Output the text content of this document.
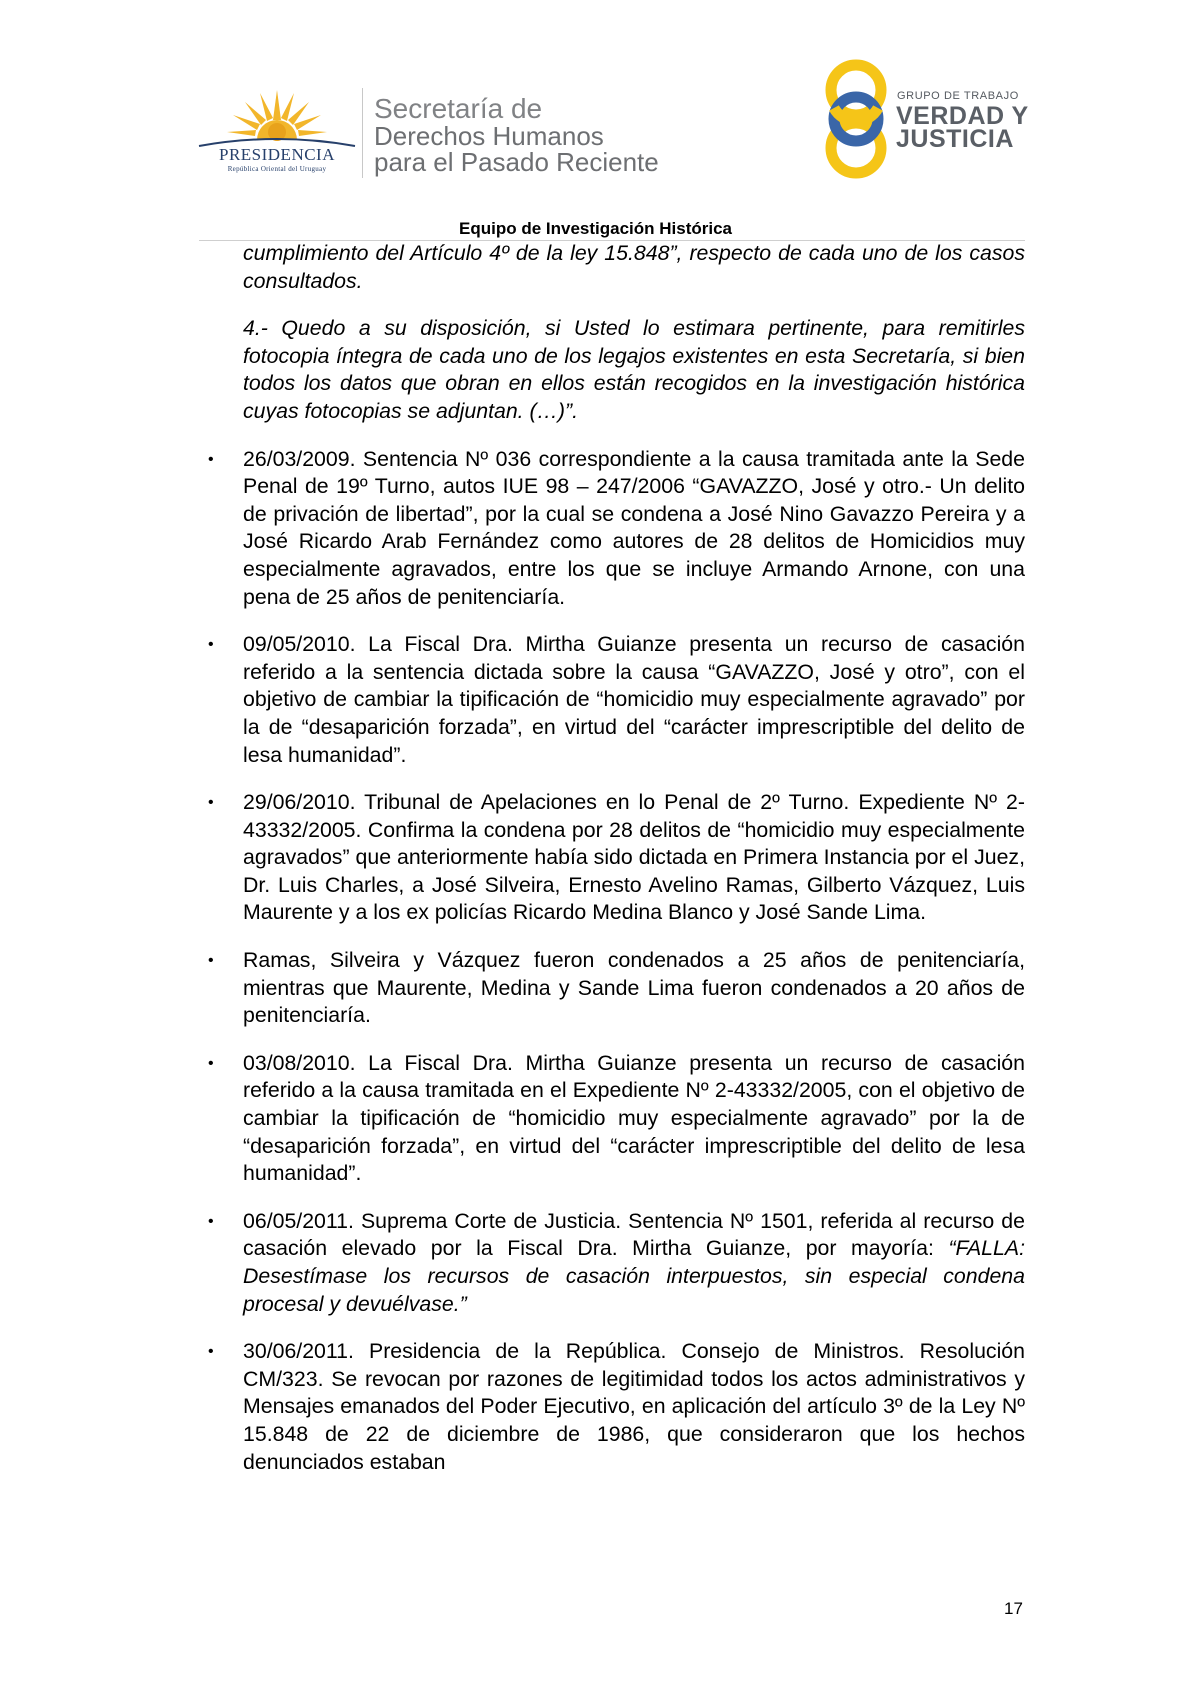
PRESIDENCIA
República Oriental del Uruguay
Secretaría de
Derechos Humanos
para el Pasado Reciente
GRUPO DE TRABAJO
VERDAD Y
JUSTICIA
Equipo de Investigación Histórica

cumplimiento del Artículo 4º de la ley 15.848”, respecto de cada uno de los casos consultados.

4.- Quedo a su disposición, si Usted lo estimara pertinente, para remitirles fotocopia íntegra de cada uno de los legajos existentes en esta Secretaría, si bien todos los datos que obran en ellos están recogidos en la investigación histórica cuyas fotocopias se adjuntan. (…)”.

• 26/03/2009. Sentencia Nº 036 correspondiente a la causa tramitada ante la Sede Penal de 19º Turno, autos IUE 98 – 247/2006 “GAVAZZO, José y otro.- Un delito de privación de libertad”, por la cual se condena a José Nino Gavazzo Pereira y a José Ricardo Arab Fernández como autores de 28 delitos de Homicidios muy especialmente agravados, entre los que se incluye Armando Arnone, con una pena de 25 años de penitenciaría.
• 09/05/2010. La Fiscal Dra. Mirtha Guianze presenta un recurso de casación referido a la sentencia dictada sobre la causa “GAVAZZO, José y otro”, con el objetivo de cambiar la tipificación de “homicidio muy especialmente agravado” por la de “desaparición forzada”, en virtud del “carácter imprescriptible del delito de lesa humanidad”.
• 29/06/2010. Tribunal de Apelaciones en lo Penal de 2º Turno. Expediente Nº 2-43332/2005. Confirma la condena por 28 delitos de “homicidio muy especialmente agravados” que anteriormente había sido dictada en Primera Instancia por el Juez, Dr. Luis Charles, a José Silveira, Ernesto Avelino Ramas, Gilberto Vázquez, Luis Maurente y a los ex policías Ricardo Medina Blanco y José Sande Lima.
• Ramas, Silveira y Vázquez fueron condenados a 25 años de penitenciaría, mientras que Maurente, Medina y Sande Lima fueron condenados a 20 años de penitenciaría.
• 03/08/2010. La Fiscal Dra. Mirtha Guianze presenta un recurso de casación referido a la causa tramitada en el Expediente Nº 2-43332/2005, con el objetivo de cambiar la tipificación de “homicidio muy especialmente agravado” por la de “desaparición forzada”, en virtud del “carácter imprescriptible del delito de lesa humanidad”.
• 06/05/2011. Suprema Corte de Justicia. Sentencia Nº 1501, referida al recurso de casación elevado por la Fiscal Dra. Mirtha Guianze, por mayoría: “FALLA: Desestímase los recursos de casación interpuestos, sin especial condena procesal y devuélvase.”
• 30/06/2011. Presidencia de la República. Consejo de Ministros. Resolución CM/323. Se revocan por razones de legitimidad todos los actos administrativos y Mensajes emanados del Poder Ejecutivo, en aplicación del artículo 3º de la Ley Nº 15.848 de 22 de diciembre de 1986, que consideraron que los hechos denunciados estaban
17
